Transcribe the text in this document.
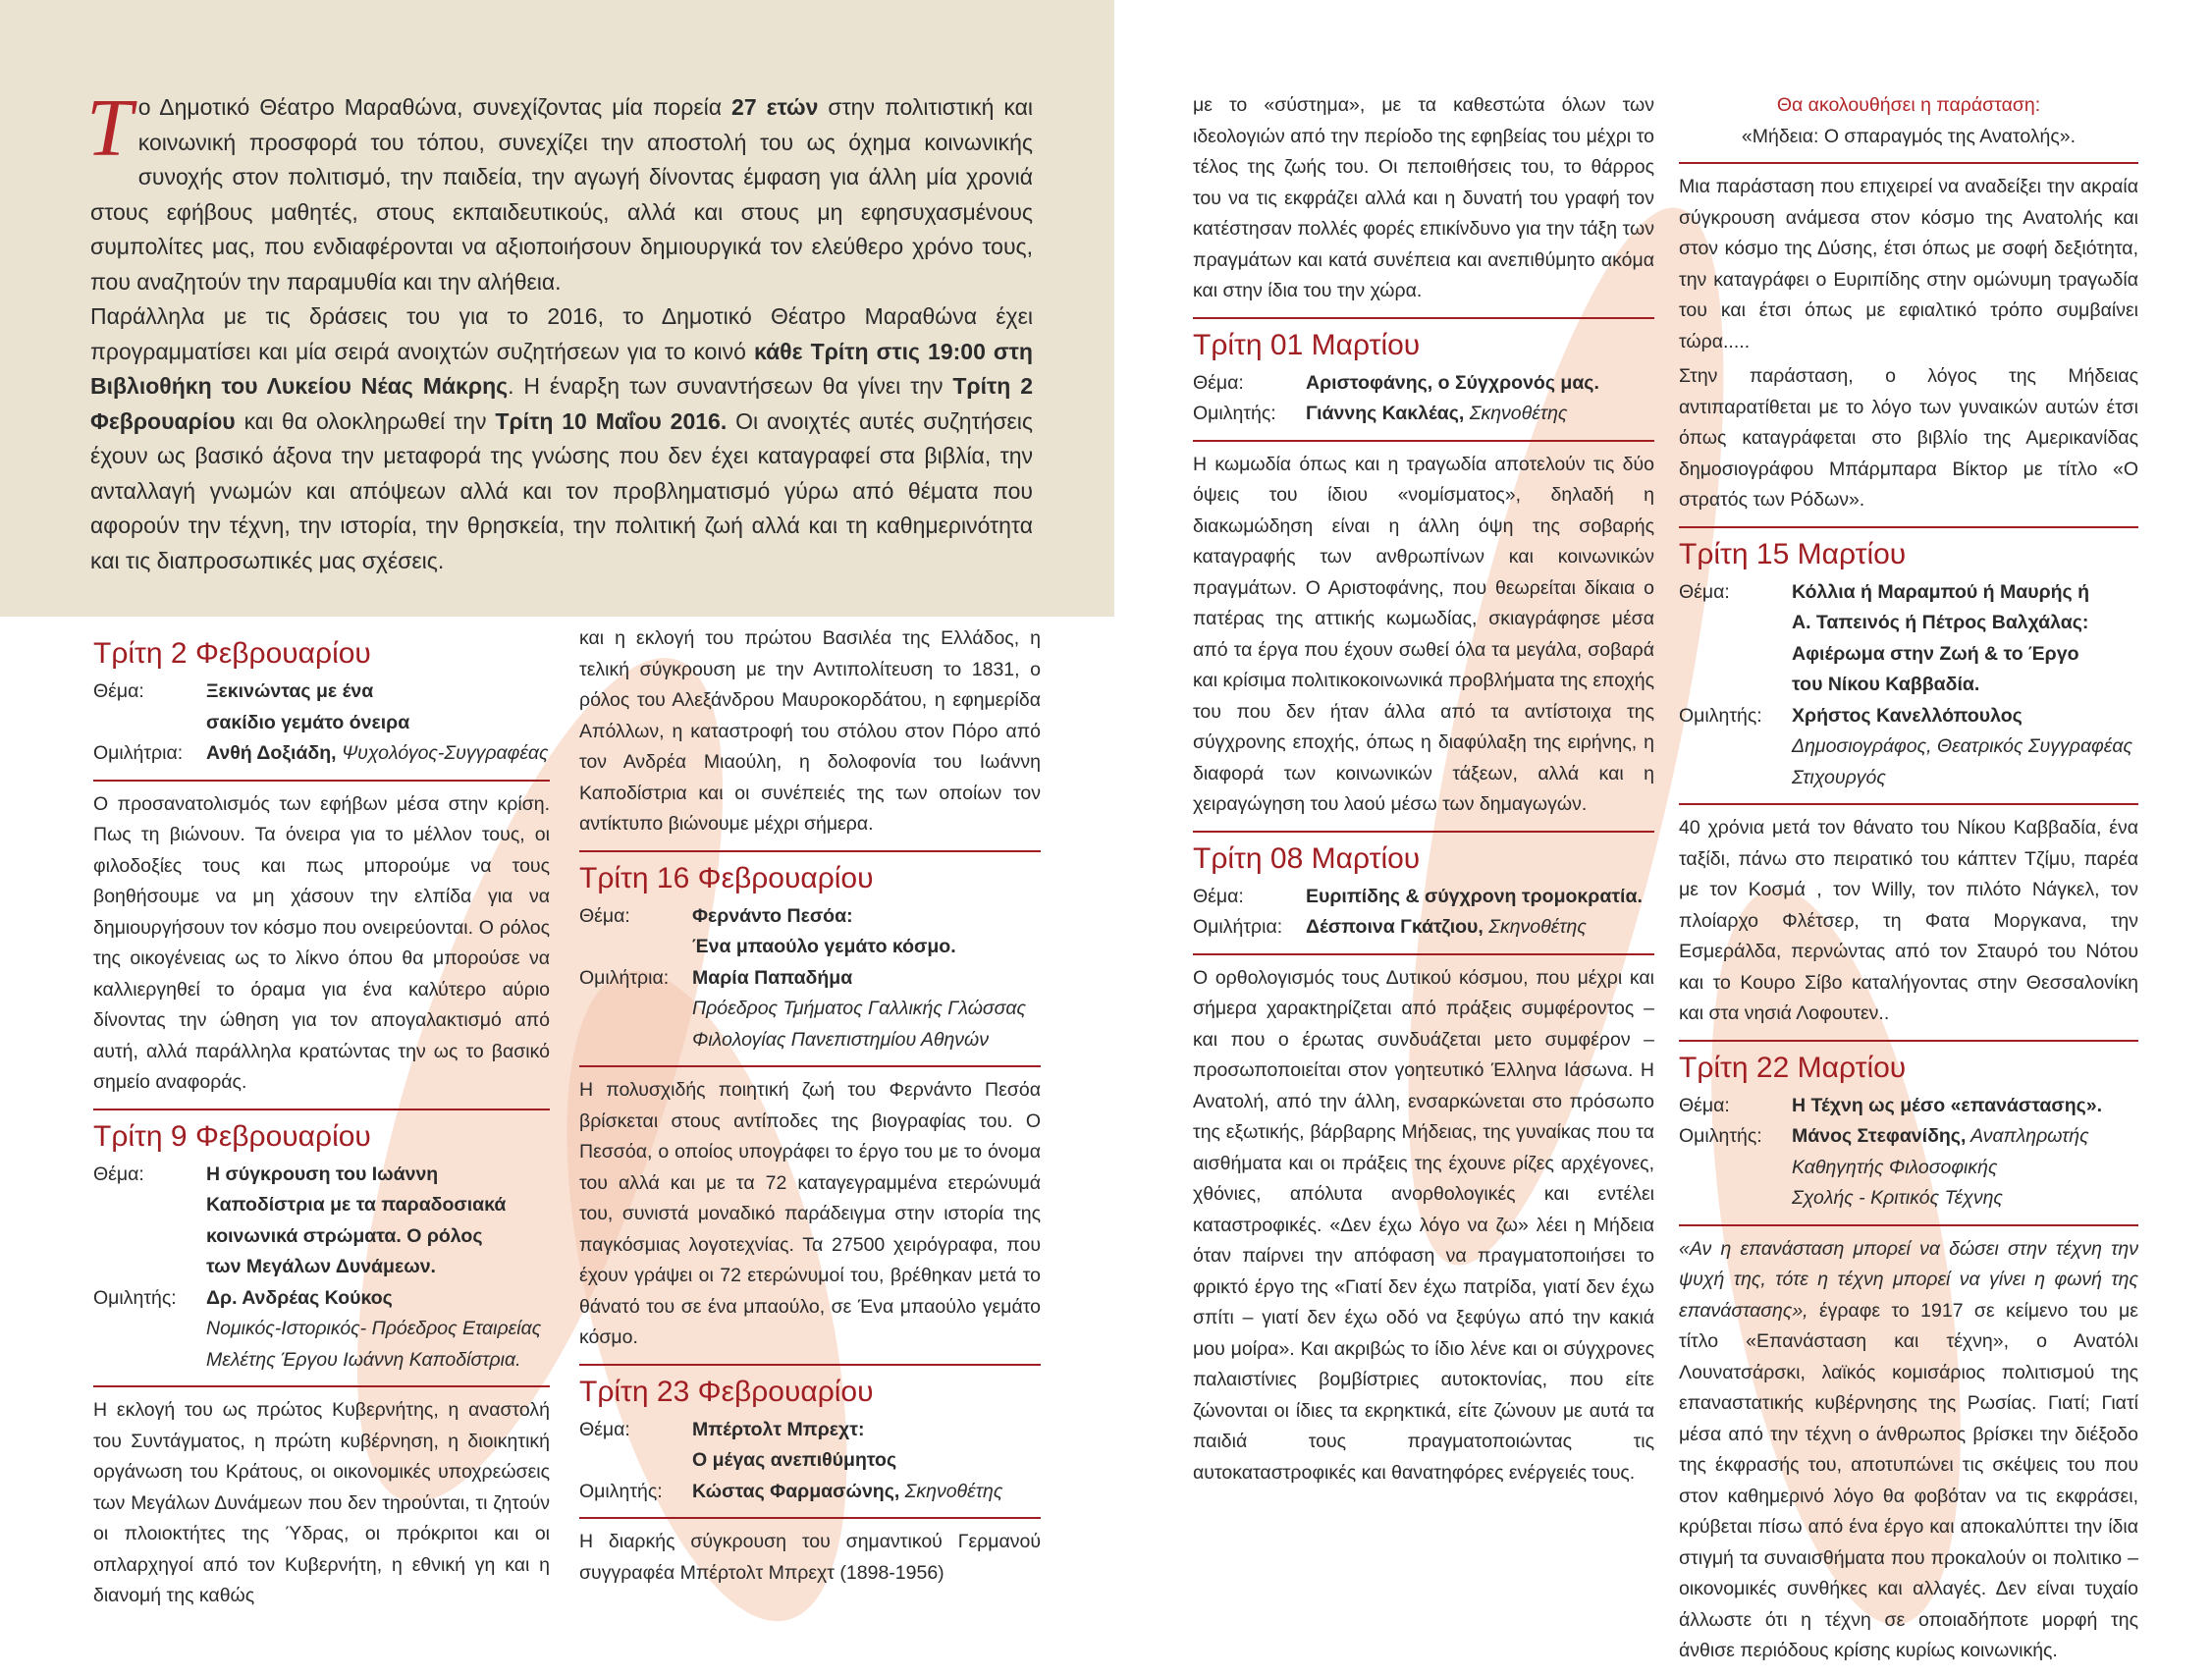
Το Δημοτικό Θέατρο Μαραθώνα, συνεχίζοντας μία πορεία 27 ετών στην πολιτιστική και κοινωνική προσφορά του τόπου, συνεχίζει την αποστολή του ως όχημα κοινωνικής συνοχής στον πολιτισμό, την παιδεία, την αγωγή δίνοντας έμφαση για άλλη μία χρονιά στους εφήβους μαθητές, στους εκπαιδευτικούς, αλλά και στους μη εφησυχασμένους συμπολίτες μας, που ενδιαφέρονται να αξιοποιήσουν δημιουργικά τον ελεύθερο χρόνο τους, που αναζητούν την παραμυθία και την αλήθεια.

Παράλληλα με τις δράσεις του για το 2016, το Δημοτικό Θέατρο Μαραθώνα έχει προγραμματίσει και μία σειρά ανοιχτών συζητήσεων για το κοινό κάθε Τρίτη στις 19:00 στη Βιβλιοθήκη του Λυκείου Νέας Μάκρης. Η έναρξη των συναντήσεων θα γίνει την Τρίτη 2 Φεβρουαρίου και θα ολοκληρωθεί την Τρίτη 10 Μαΐου 2016. Οι ανοιχτές αυτές συζητήσεις έχουν ως βασικό άξονα την μεταφορά της γνώσης που δεν έχει καταγραφεί στα βιβλία, την ανταλλαγή γνωμών και απόψεων αλλά και τον προβληματισμό γύρω από θέματα που αφορούν την τέχνη, την ιστορία, την θρησκεία, την πολιτική ζωή αλλά και τη καθημερινότητα και τις διαπροσωπικές μας σχέσεις.

Τρίτη 2 Φεβρουαρίου
Θέμα:	Ξεκινώντας με ένα
σακίδιο γεμάτο όνειρα
Ομιλήτρια:	Ανθή Δοξιάδη, Ψυχολόγος-Συγγραφέας

Ο προσανατολισμός των εφήβων μέσα στην κρίση. Πως τη βιώνουν. Τα όνειρα για το μέλλον τους, οι φιλοδοξίες τους και πως μπορούμε να τους βοηθήσουμε να μη χάσουν την ελπίδα για να δημιουργήσουν τον κόσμο που ονειρεύονται. Ο ρόλος της οικογένειας ως το λίκνο όπου θα μπορούσε να καλλιεργηθεί το όραμα για ένα καλύτερο αύριο δίνοντας την ώθηση για τον απογαλακτισμό από αυτή, αλλά παράλληλα κρατώντας την ως το βασικό σημείο αναφοράς.

Τρίτη 9 Φεβρουαρίου
Θέμα:	Η σύγκρουση του Ιωάννη
Καποδίστρια με τα παραδοσιακά
κοινωνικά στρώματα. Ο ρόλος
των Μεγάλων Δυνάμεων.
Ομιλητής:	Δρ. Ανδρέας Κούκος
Νομικός-Ιστορικός- Πρόεδρος Εταιρείας
Μελέτης Έργου Ιωάννη Καποδίστρια.

Η εκλογή του ως πρώτος Κυβερνήτης, η αναστολή του Συντάγματος, η πρώτη κυβέρνηση, η διοικητική οργάνωση του Κράτους, οι οικονομικές υποχρεώσεις των Μεγάλων Δυνάμεων που δεν τηρούνται, τι ζητούν οι πλοιοκτήτες της Ύδρας, οι πρόκριτοι και οι οπλαρχηγοί από τον Κυβερνήτη, η εθνική γη και η διανομή της καθώς

και η εκλογή του πρώτου Βασιλέα της Ελλάδος, η τελική σύγκρουση με την Αντιπολίτευση το 1831, ο ρόλος του Αλεξάνδρου Μαυροκορδάτου, η εφημερίδα Απόλλων, η καταστροφή του στόλου στον Πόρο από τον Ανδρέα Μιαούλη, η δολοφονία του Ιωάννη Καποδίστρια και οι συνέπειές της των οποίων τον αντίκτυπο βιώνουμε μέχρι σήμερα.

Τρίτη 16 Φεβρουαρίου
Θέμα:	Φερνάντο Πεσόα:
Ένα μπαούλο γεμάτο κόσμο.
Ομιλήτρια:	Μαρία Παπαδήμα
Πρόεδρος Τμήματος Γαλλικής Γλώσσας
Φιλολογίας Πανεπιστημίου Αθηνών

Η πολυσχιδής ποιητική ζωή του Φερνάντο Πεσόα βρίσκεται στους αντίποδες της βιογραφίας του. Ο Πεσσόα, ο οποίος υπογράφει το έργο του με το όνομα του αλλά και με τα 72 καταγεγραμμένα ετερώνυμά του, συνιστά μοναδικό παράδειγμα στην ιστορία της παγκόσμιας λογοτεχνίας. Τα 27500 χειρόγραφα, που έχουν γράψει οι 72 ετερώνυμοί του, βρέθηκαν μετά το θάνατό του σε ένα μπαούλο, σε Ένα μπαούλο γεμάτο κόσμο.

Τρίτη 23 Φεβρουαρίου
Θέμα:	Μπέρτολτ Μπρεχτ:
Ο μέγας ανεπιθύμητος
Ομιλητής:	Κώστας Φαρμασώνης, Σκηνοθέτης

Η διαρκής σύγκρουση του σημαντικού Γερμανού συγγραφέα Μπέρτολτ Μπρεχτ (1898-1956)

με το «σύστημα», με τα καθεστώτα όλων των ιδεολογιών από την περίοδο της εφηβείας του μέχρι το τέλος της ζωής του. Οι πεποιθήσεις του, το θάρρος του να τις εκφράζει αλλά και η δυνατή του γραφή τον κατέστησαν πολλές φορές επικίνδυνο για την τάξη των πραγμάτων και κατά συνέπεια και ανεπιθύμητο ακόμα και στην ίδια του την χώρα.

Τρίτη 01 Μαρτίου
Θέμα:	Αριστοφάνης, ο Σύγχρονός μας.
Ομιλητής:	Γιάννης Κακλέας, Σκηνοθέτης

Η κωμωδία όπως και η τραγωδία αποτελούν τις δύο όψεις του ίδιου «νομίσματος», δηλαδή η διακωμώδηση είναι η άλλη όψη της σοβαρής καταγραφής των ανθρωπίνων και κοινωνικών πραγμάτων. Ο Αριστοφάνης, που θεωρείται δίκαια ο πατέρας της αττικής κωμωδίας, σκιαγράφησε μέσα από τα έργα που έχουν σωθεί όλα τα μεγάλα, σοβαρά και κρίσιμα πολιτικοκοινωνικά προβλήματα της εποχής του που δεν ήταν άλλα από τα αντίστοιχα της σύγχρονης εποχής, όπως η διαφύλαξη της ειρήνης, η διαφορά των κοινωνικών τάξεων, αλλά και η χειραγώγηση του λαού μέσω των δημαγωγών.

Τρίτη 08 Μαρτίου
Θέμα:	Ευριπίδης & σύγχρονη τρομοκρατία.
Ομιλήτρια:	Δέσποινα Γκάτζιου, Σκηνοθέτης

Ο ορθολογισμός τους Δυτικού κόσμου, που μέχρι και σήμερα χαρακτηρίζεται από πράξεις συμφέροντος – και που ο έρωτας συνδυάζεται μετο συμφέρον – προσωποποιείται στον γοητευτικό Έλληνα Ιάσωνα. Η Ανατολή, από την άλλη, ενσαρκώνεται στο πρόσωπο της εξωτικής, βάρβαρης Μήδειας, της γυναίκας που τα αισθήματα και οι πράξεις της έχουνε ρίζες αρχέγονες, χθόνιες, απόλυτα ανορθολογικές και εντέλει καταστροφικές. «Δεν έχω λόγο να ζω» λέει η Μήδεια όταν παίρνει την απόφαση να πραγματοποιήσει το φρικτό έργο της «Γιατί δεν έχω πατρίδα, γιατί δεν έχω σπίτι – γιατί δεν έχω οδό να ξεφύγω από την κακιά μου μοίρα». Και ακριβώς το ίδιο λένε και οι σύγχρονες παλαιστίνιες βομβίστριες αυτοκτονίας, που είτε ζώνονται οι ίδιες τα εκρηκτικά, είτε ζώνουν με αυτά τα παιδιά τους πραγματοποιώντας τις αυτοκαταστροφικές και θανατηφόρες ενέργειές τους.

Θα ακολουθήσει η παράσταση:
«Μήδεια: Ο σπαραγμός της Ανατολής».

Μια παράσταση που επιχειρεί να αναδείξει την ακραία σύγκρουση ανάμεσα στον κόσμο της Ανατολής και στον κόσμο της Δύσης, έτσι όπως με σοφή δεξιότητα, την καταγράφει ο Ευριπίδης στην ομώνυμη τραγωδία του και έτσι όπως με εφιαλτικό τρόπο συμβαίνει τώρα.....

Στην παράσταση, ο λόγος της Μήδειας αντιπαρατίθεται με το λόγο των γυναικών αυτών έτσι όπως καταγράφεται στο βιβλίο της Αμερικανίδας δημοσιογράφου Μπάρμπαρα Βίκτορ με τίτλο «Ο στρατός των Ρόδων».

Τρίτη 15 Μαρτίου
Θέμα:	Κόλλια ή Μαραμπού ή Μαυρής ή
Α. Ταπεινός ή Πέτρος Βαλχάλας:
Αφιέρωμα στην Ζωή & το Έργο
του Νίκου Καββαδία.
Ομιλητής:	Χρήστος Κανελλόπουλος
Δημοσιογράφος, Θεατρικός Συγγραφέας
Στιχουργός

40 χρόνια μετά τον θάνατο του Νίκου Καββαδία, ένα ταξίδι, πάνω στο πειρατικό του κάπτεν Τζίμυ, παρέα με τον Κοσμά , τον Willy, τον πιλότο Νάγκελ, τον πλοίαρχο Φλέτσερ, τη Φατα Μοργκανα, την Εσμεράλδα, περνώντας από τον Σταυρό του Νότου και το Κουρο Σίβο καταλήγοντας στην Θεσσαλονίκη και στα νησιά Λοφουτεν..

Τρίτη 22 Μαρτίου
Θέμα:	Η Τέχνη ως μέσο «επανάστασης».
Ομιλητής:	Μάνος Στεφανίδης, Αναπληρωτής
Καθηγητής Φιλοσοφικής
Σχολής - Κριτικός Τέχνης

«Αν η επανάσταση μπορεί να δώσει στην τέχνη την ψυχή της, τότε η τέχνη μπορεί να γίνει η φωνή της επανάστασης», έγραφε το 1917 σε κείμενο του με τίτλο «Επανάσταση και τέχνη», ο Ανατόλι Λουνατσάρσκι, λαϊκός κομισάριος πολιτισμού της επαναστατικής κυβέρνησης της Ρωσίας. Γιατί; Γιατί μέσα από την τέχνη ο άνθρωπος βρίσκει την διέξοδο της έκφρασής του, αποτυπώνει τις σκέψεις του που στον καθημερινό λόγο θα φοβόταν να τις εκφράσει, κρύβεται πίσω από ένα έργο και αποκαλύπτει την ίδια στιγμή τα συναισθήματα που προκαλούν οι πολιτικο – οικονομικές συνθήκες και αλλαγές. Δεν είναι τυχαίο άλλωστε ότι η τέχνη σε οποιαδήποτε μορφή της άνθισε περιόδους κρίσης κυρίως κοινωνικής.
